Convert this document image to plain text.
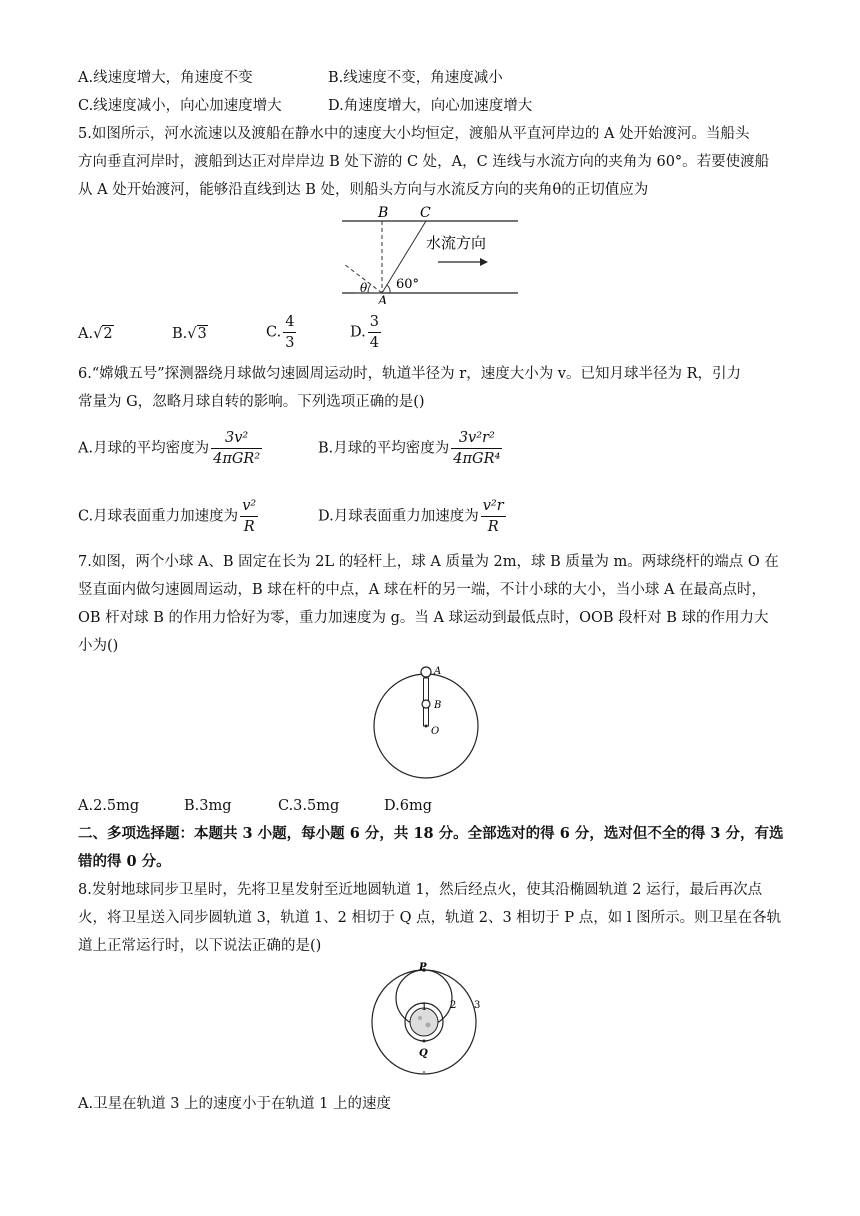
A.线速度增大，角速度不变	B.线速度不变，角速度减小
C.线速度减小，向心加速度增大	D.角速度增大，向心加速度增大
5.如图所示，河水流速以及渡船在静水中的速度大小均恒定，渡船从平直河岸边的 A 处开始渡河。当船头
方向垂直河岸时，渡船到达正对岸岸边 B 处下游的 C 处，A，C 连线与水流方向的夹角为 60°。若要使渡船
从 A 处开始渡河，能够沿直线到达 B 处，则船头方向与水流反方向的夹角θ的正切值应为
B C
A
θ 60°
水流方向
A.√2	B.√3	C. $\frac{4}{3}$	D. $\frac{3}{4}$
6.“嫦娥五号”探测器绕月球做匀速圆周运动时，轨道半径为 r，速度大小为 v。已知月球半径为 R，引力
常量为 G，忽略月球自转的影响。下列选项正确的是()
A.月球的平均密度为 $\frac{\text{3v²}}{\text{4πGR²}}$	B.月球的平均密度为 $\frac{\text{3v²r²}}{\text{4πGR⁴}}$
C.月球表面重力加速度为 $\frac{\text{v²}}{R}$	D.月球表面重力加速度为 $\frac{\text{v²r}}{R}$
7.如图，两个小球 A、B 固定在长为 2L 的轻杆上，球 A 质量为 2m，球 B 质量为 m。两球绕杆的端点 O 在
竖直面内做匀速圆周运动，B 球在杆的中点，A 球在杆的另一端，不计小球的大小，当小球 A 在最高点时，
OB 杆对球 B 的作用力恰好为零，重力加速度为 g。当 A 球运动到最低点时，OOB 段杆对 B 球的作用力大
小为()
A
B
O
A.2.5mg	B.3mg	C.3.5mg	D.6mg
二、多项选择题：本题共 3 小题，每小题 6 分，共 18 分。全部选对的得 6 分，选对但不全的得 3 分，有选
错的得 0 分。
8.发射地球同步卫星时，先将卫星发射至近地圆轨道 1，然后经点火，使其沿椭圆轨道 2 运行，最后再次点
火，将卫星送入同步圆轨道 3，轨道 1、2 相切于 Q 点，轨道 2、3 相切于 P 点，如 l 图所示。则卫星在各轨
道上正常运行时，以下说法正确的是()
P
Q
1 2 3
A.卫星在轨道 3 上的速度小于在轨道 1 上的速度
